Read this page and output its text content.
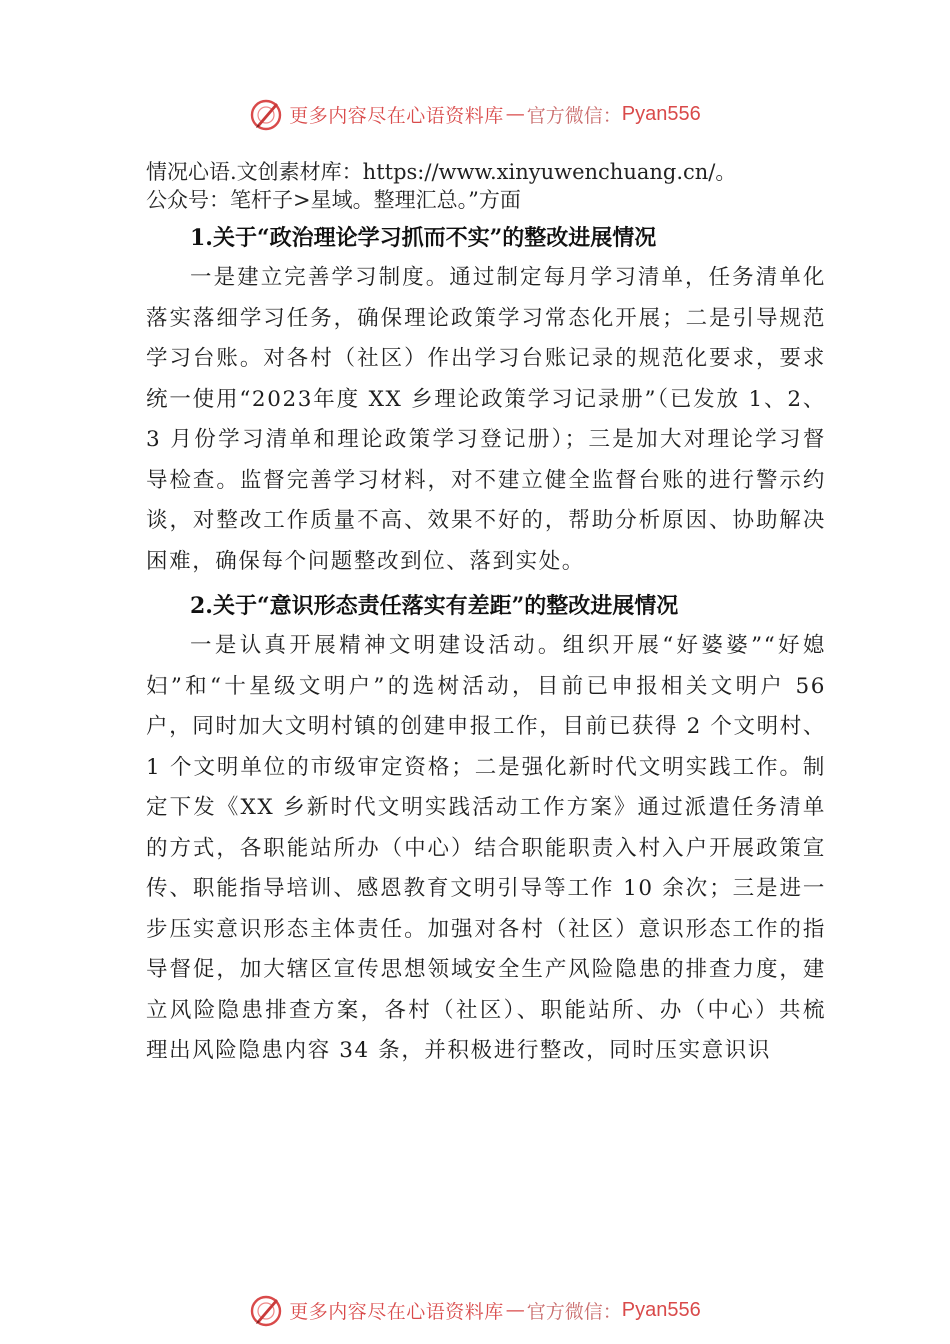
更多内容尽在心语资料库 — 官方微信： Pyan556
情况心语.文创素材库：https://www.xinyuwenchuang.cn/。
公众号：笔杆子>星域。整理汇总。”方面
1.关于“政治理论学习抓而不实”的整改进展情况

一是建立完善学习制度。通过制定每月学习清单，任务清单化落实落细学习任务，确保理论政策学习常态化开展；二是引导规范学习台账。对各村（社区）作出学习台账记录的规范化要求，要求统一使用“2023年度 XX 乡理论政策学习记录册”（已发放 1、2、3 月份学习清单和理论政策学习登记册）；三是加大对理论学习督导检查。监督完善学习材料，对不建立健全监督台账的进行警示约谈，对整改工作质量不高、效果不好的，帮助分析原因、协助解决困难，确保每个问题整改到位、落到实处。

2.关于“意识形态责任落实有差距”的整改进展情况

一是认真开展精神文明建设活动。组织开展“好婆婆”“好媳妇”和“十星级文明户”的选树活动，目前已申报相关文明户 56 户，同时加大文明村镇的创建申报工作，目前已获得 2 个文明村、1 个文明单位的市级审定资格；二是强化新时代文明实践工作。制定下发《XX 乡新时代文明实践活动工作方案》通过派遣任务清单的方式，各职能站所办（中心）结合职能职责入村入户开展政策宣传、职能指导培训、感恩教育文明引导等工作 10 余次；三是进一步压实意识形态主体责任。加强对各村（社区）意识形态工作的指导督促，加大辖区宣传思想领域安全生产风险隐患的排查力度，建立风险隐患排查方案，各村（社区）、职能站所、办（中心）共梳理出风险隐患内容 34 条，并积极进行整改，同时压实意识识

更多内容尽在心语资料库 — 官方微信： Pyan556
